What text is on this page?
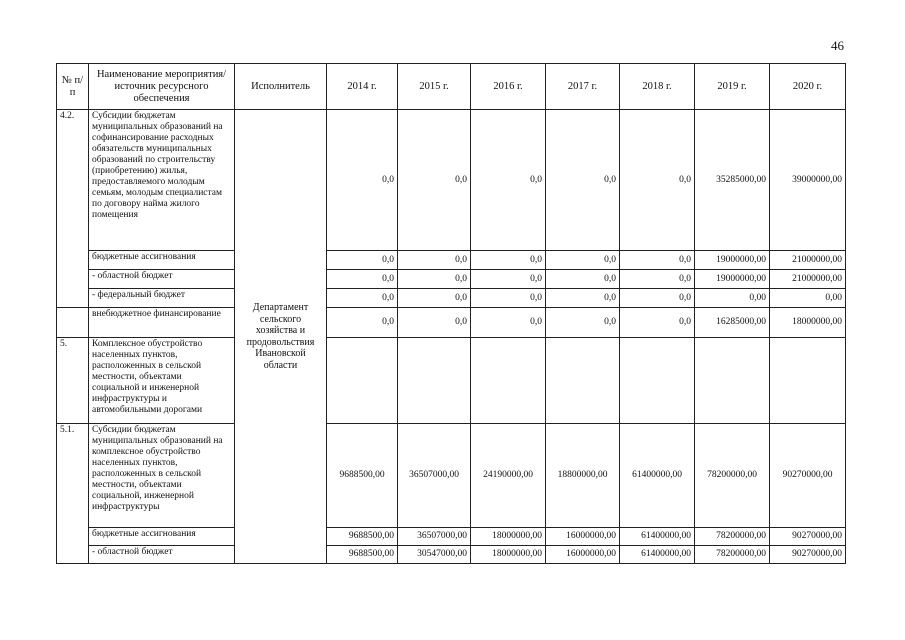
46
№ п/п	Наименование мероприятия/источник ресурсного обеспечения	Исполнитель	2014 г.	2015 г.	2016 г.	2017 г.	2018 г.	2019 г.	2020 г.
4.2.	Субсидии бюджетам муниципальных образований на софинансирование расходных обязательств муниципальных образований по строительству (приобретению) жилья, предоставляемого молодым семьям, молодым специалистам по договору найма жилого помещения	Департамент сельского хозяйства и продовольствия Ивановской области	0,0	0,0	0,0	0,0	0,0	35285000,00	39000000,00
	бюджетные ассигнования		0,0	0,0	0,0	0,0	0,0	19000000,00	21000000,00
	- областной бюджет		0,0	0,0	0,0	0,0	0,0	19000000,00	21000000,00
	- федеральный бюджет		0,0	0,0	0,0	0,0	0,0	0,00	0,00
	внебюджетное финансирование		0,0	0,0	0,0	0,0	0,0	16285000,00	18000000,00
5.	Комплексное обустройство населенных пунктов, расположенных в сельской местности, объектами социальной и инженерной инфраструктуры и автомобильными дорогами								
5.1.	Субсидии бюджетам муниципальных образований на комплексное обустройство населенных пунктов, расположенных в сельской местности, объектами социальной, инженерной инфраструктуры		9688500,00	36507000,00	24190000,00	18800000,00	61400000,00	78200000,00	90270000,00
	бюджетные ассигнования		9688500,00	36507000,00	18000000,00	16000000,00	61400000,00	78200000,00	90270000,00
	- областной бюджет		9688500,00	30547000,00	18000000,00	16000000,00	61400000,00	78200000,00	90270000,00
